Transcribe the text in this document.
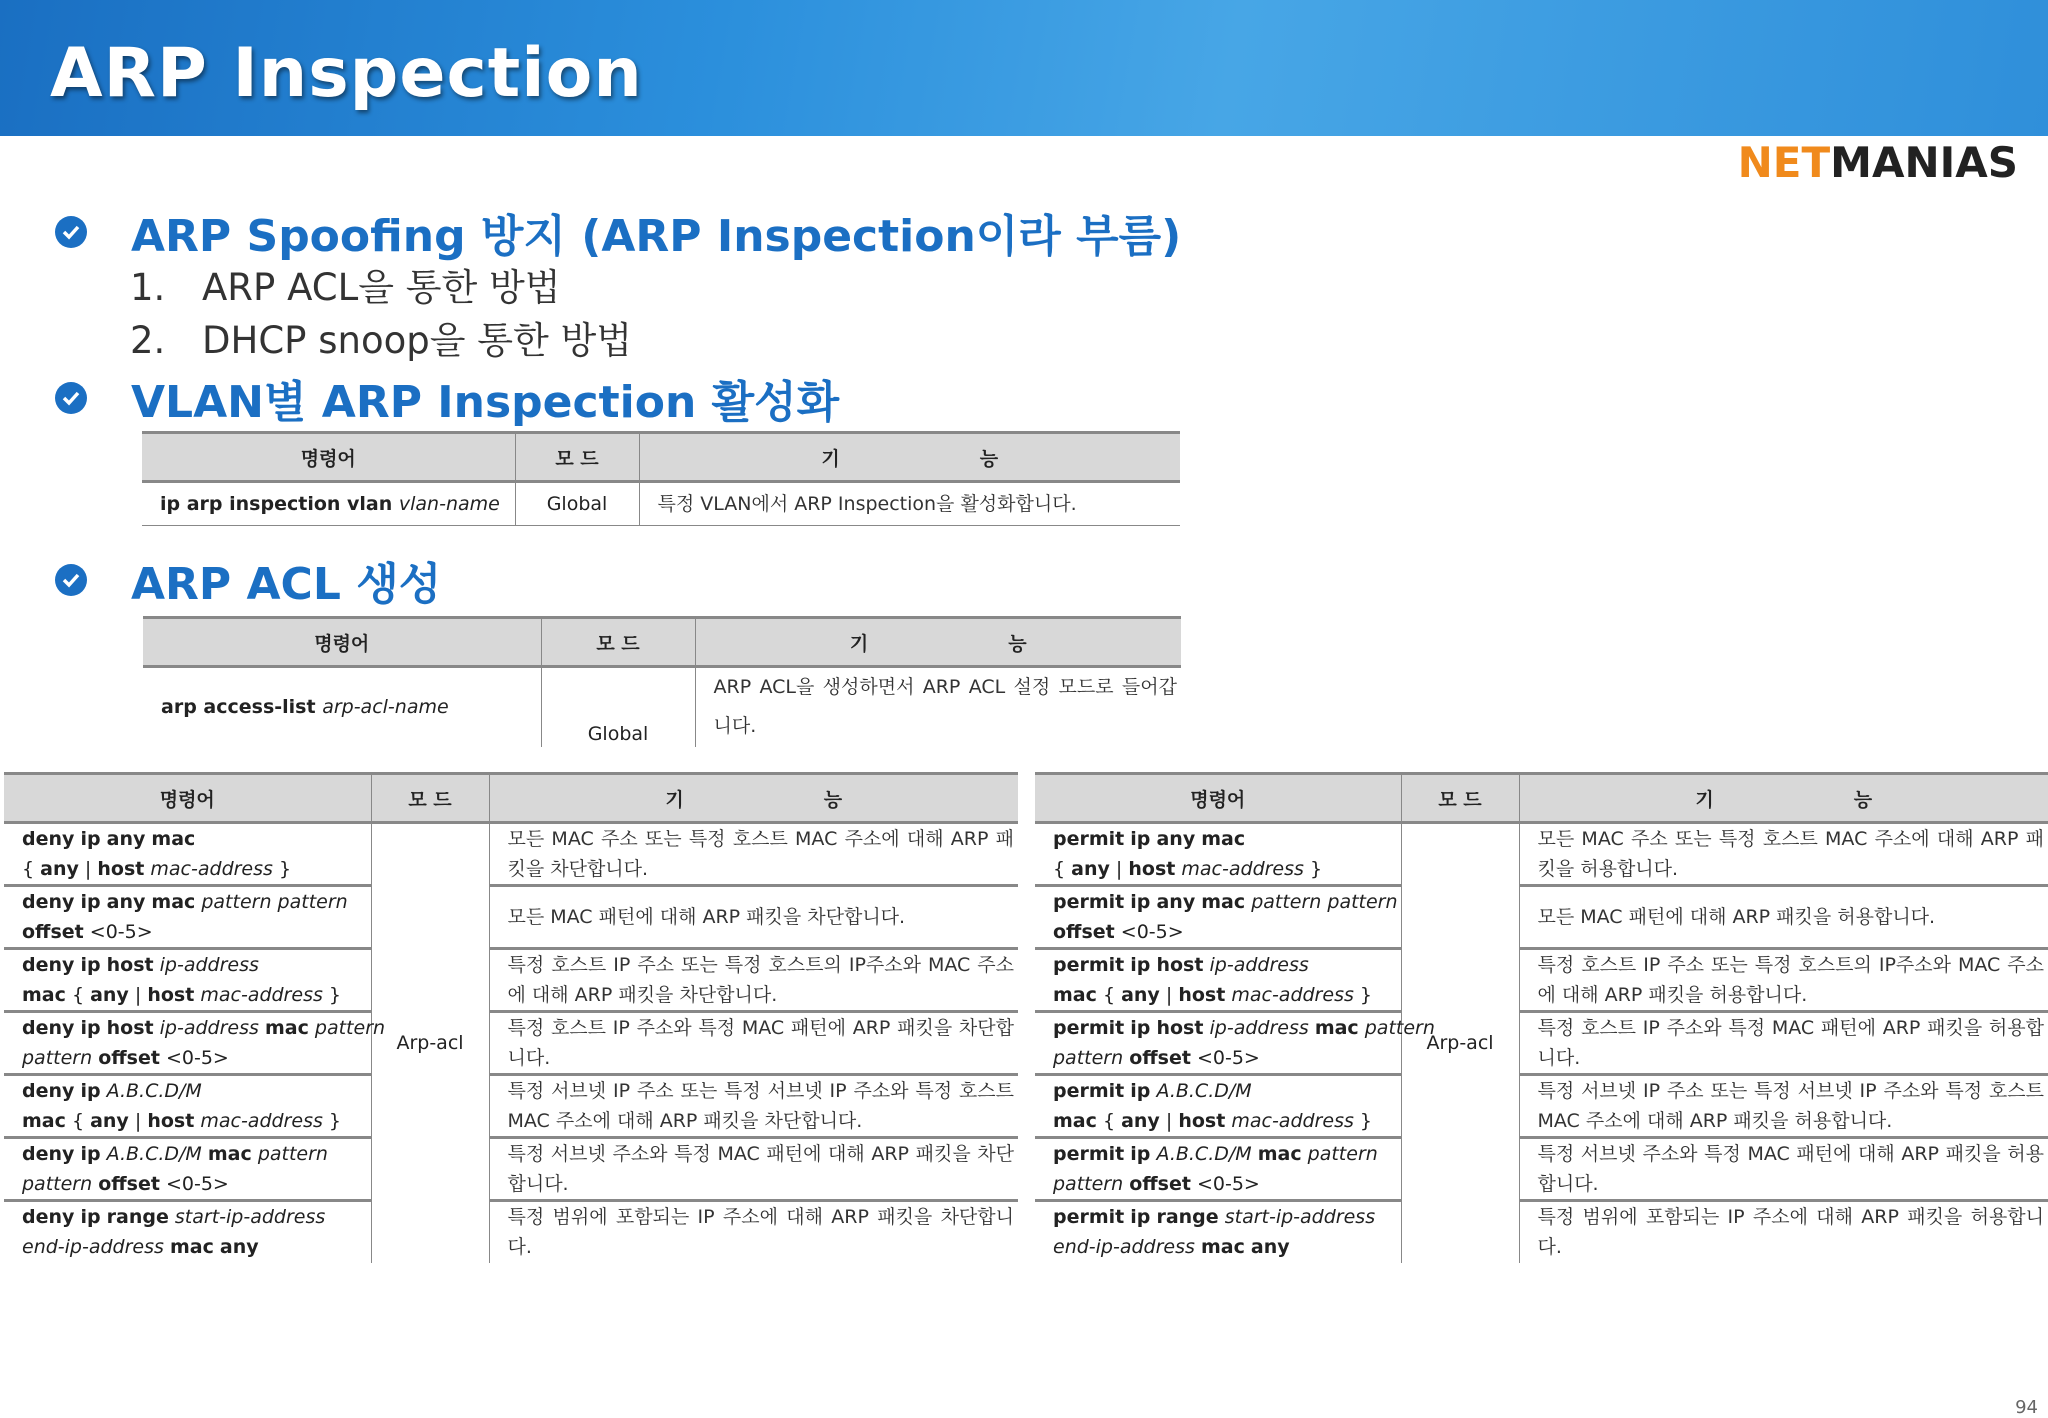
ARP Inspection
NETMANIAS
ARP Spoofing 방지 (ARP Inspection이라 부름)
1. ARP ACL을 통한 방법
2. DHCP snoop을 통한 방법
VLAN별 ARP Inspection 활성화
명령어	모 드	기 능
ip arp inspection vlan vlan-name	Global	특정 VLAN에서 ARP Inspection을 활성화합니다.
ARP ACL 생성
명령어	모 드	기 능
arp access-list arp-acl-name	Global	ARP ACL을 생성하면서 ARP ACL 설정 모드로 들어갑니다.
명령어	모 드	기 능

deny ip any mac
{ any | host mac-address }	Arp-acl	모든 MAC 주소 또는 특정 호스트 MAC 주소에 대해 ARP 패킷을 차단합니다.

deny ip any mac pattern pattern
offset <0-5>		모든 MAC 패턴에 대해 ARP 패킷을 차단합니다.

deny ip host ip-address
mac { any | host mac-address }		특정 호스트 IP 주소 또는 특정 호스트의 IP주소와 MAC 주소에 대해 ARP 패킷을 차단합니다.

deny ip host ip-address mac pattern
pattern offset <0-5>		특정 호스트 IP 주소와 특정 MAC 패턴에 ARP 패킷을 차단합니다.

deny ip A.B.C.D/M
mac { any | host mac-address }		특정 서브넷 IP 주소 또는 특정 서브넷 IP 주소와 특정 호스트 MAC 주소에 대해 ARP 패킷을 차단합니다.

deny ip A.B.C.D/M mac pattern
pattern offset <0-5>		특정 서브넷 주소와 특정 MAC 패턴에 대해 ARP 패킷을 차단합니다.

deny ip range start-ip-address
end-ip-address mac any		특정 범위에 포함되는 IP 주소에 대해 ARP 패킷을 차단합니다.
명령어	모 드	기 능

permit ip any mac
{ any | host mac-address }	Arp-acl	모든 MAC 주소 또는 특정 호스트 MAC 주소에 대해 ARP 패킷을 허용합니다.

permit ip any mac pattern pattern
offset <0-5>		모든 MAC 패턴에 대해 ARP 패킷을 허용합니다.

permit ip host ip-address
mac { any | host mac-address }		특정 호스트 IP 주소 또는 특정 호스트의 IP주소와 MAC 주소에 대해 ARP 패킷을 허용합니다.

permit ip host ip-address mac pattern
pattern offset <0-5>		특정 호스트 IP 주소와 특정 MAC 패턴에 ARP 패킷을 허용합니다.

permit ip A.B.C.D/M
mac { any | host mac-address }		특정 서브넷 IP 주소 또는 특정 서브넷 IP 주소와 특정 호스트 MAC 주소에 대해 ARP 패킷을 허용합니다.

permit ip A.B.C.D/M mac pattern
pattern offset <0-5>		특정 서브넷 주소와 특정 MAC 패턴에 대해 ARP 패킷을 허용합니다.

permit ip range start-ip-address
end-ip-address mac any		특정 범위에 포함되는 IP 주소에 대해 ARP 패킷을 허용합니다.
94
